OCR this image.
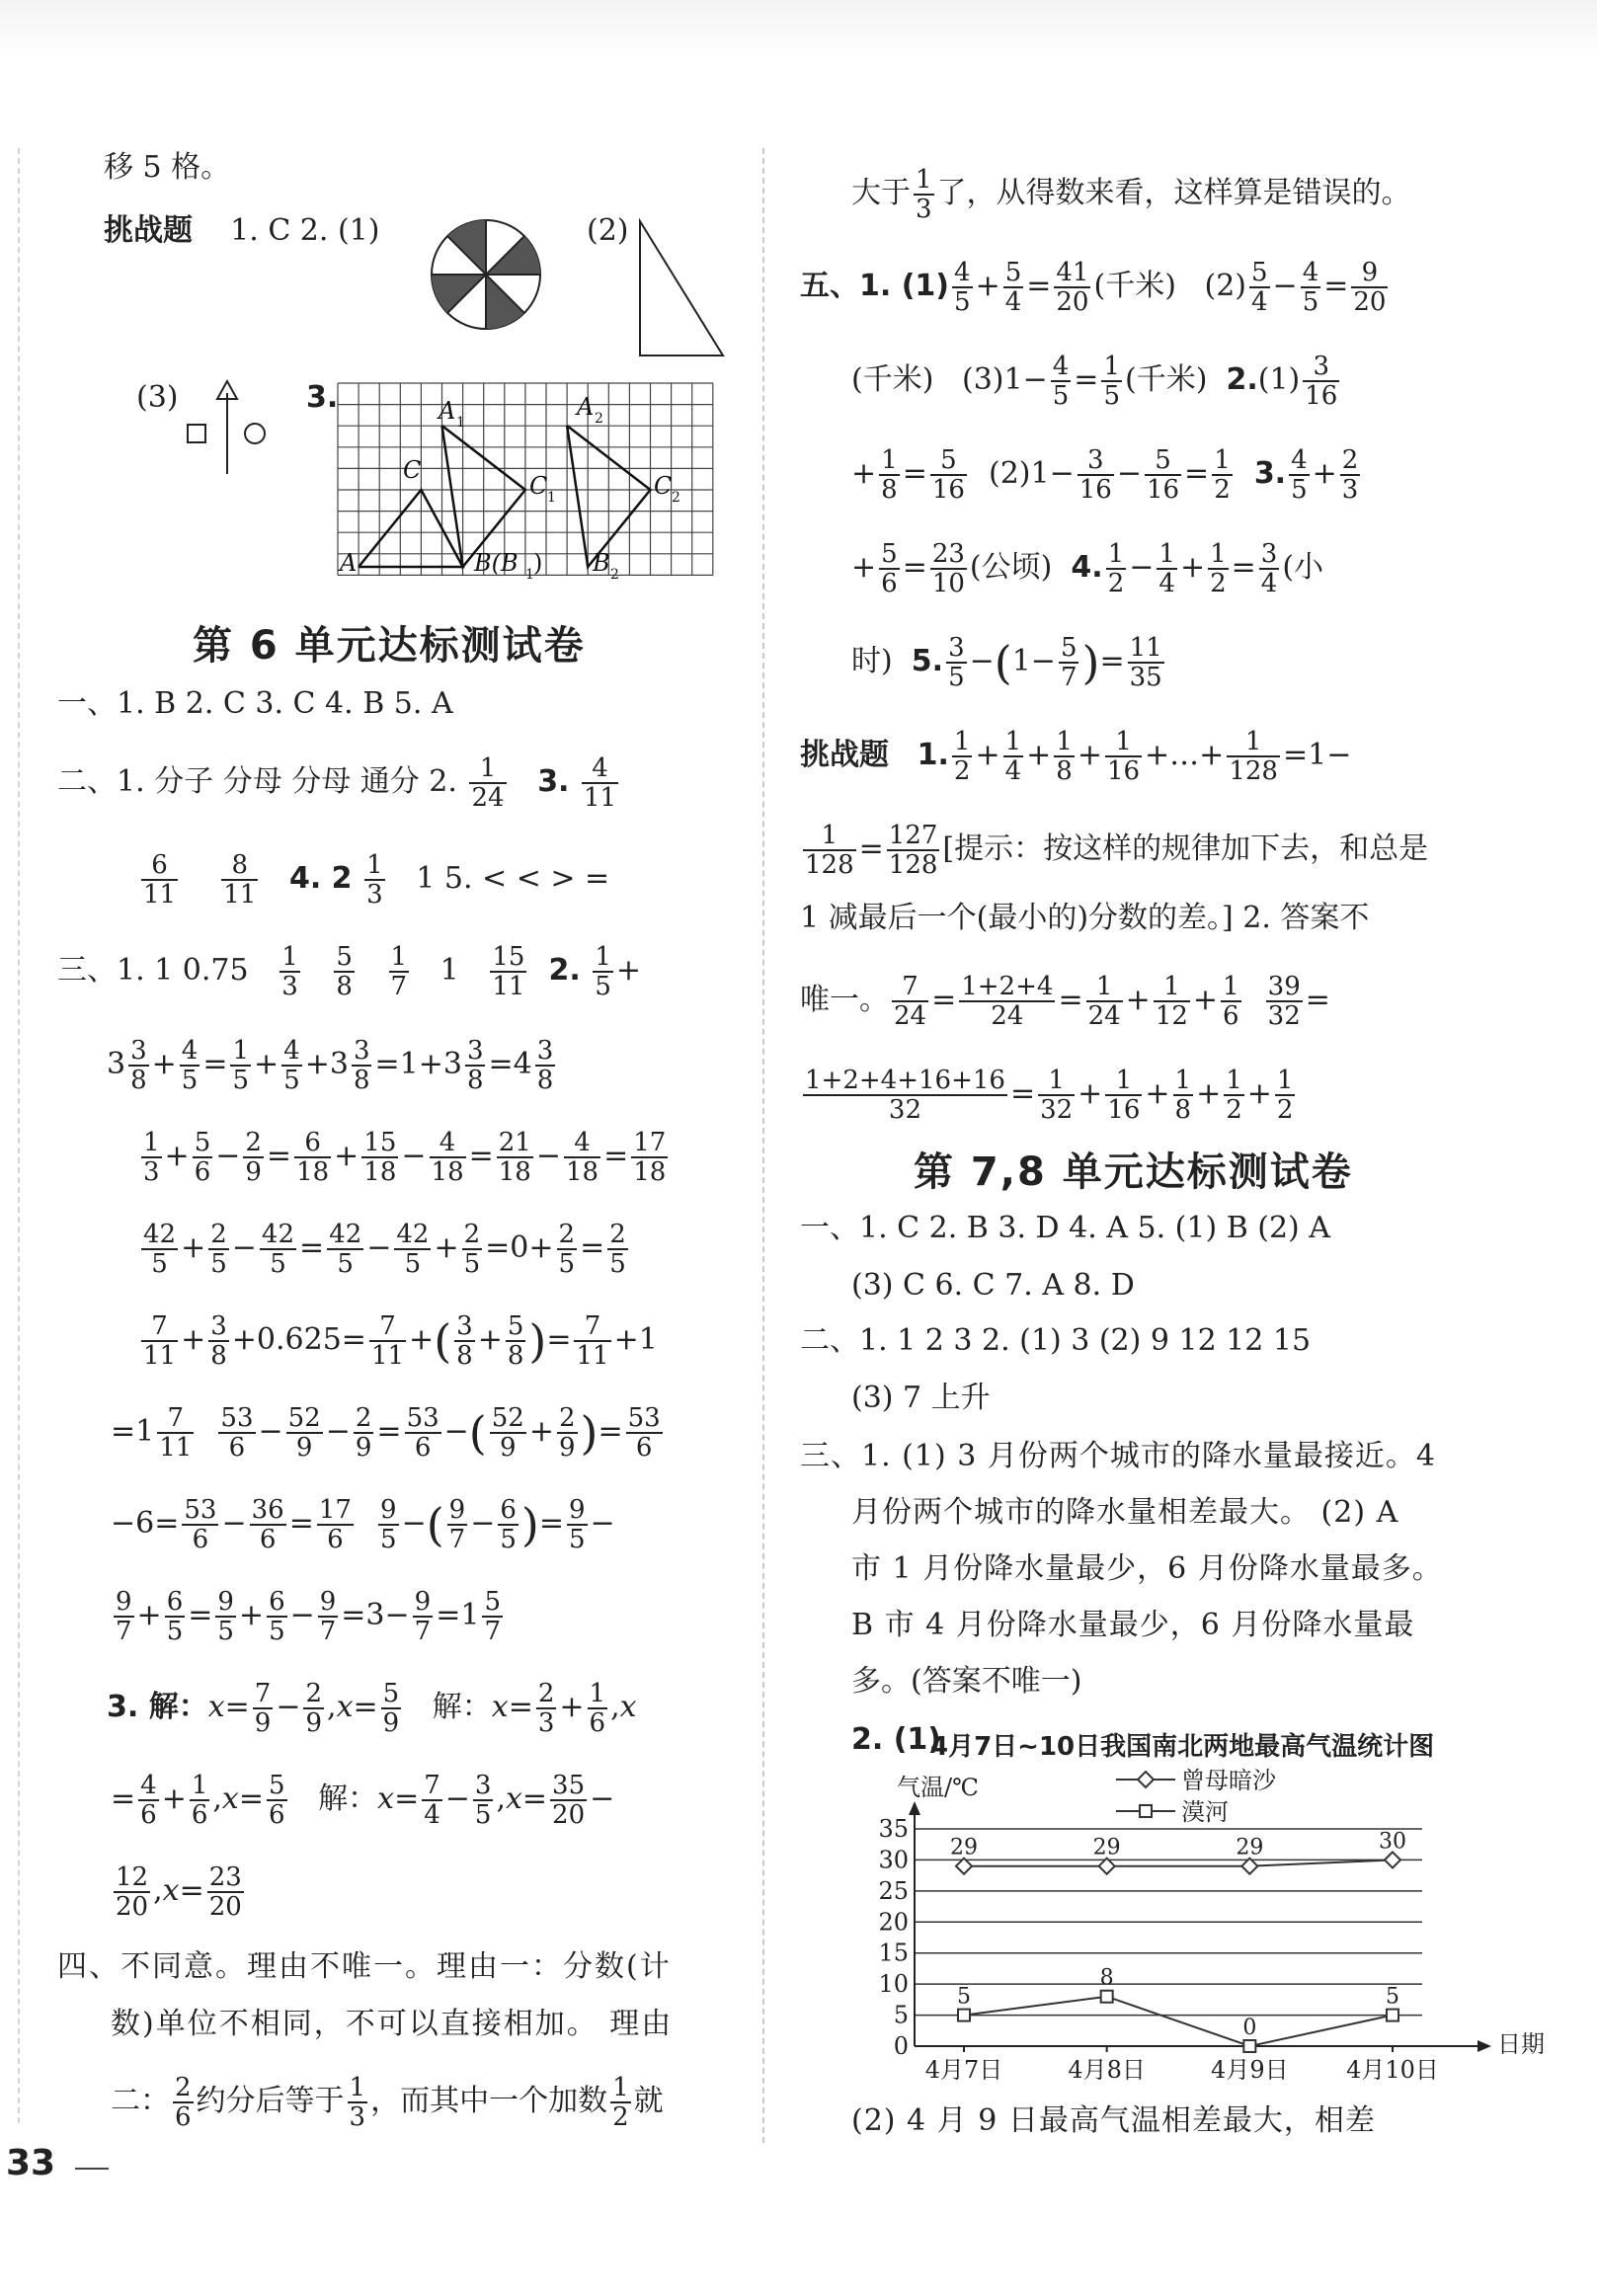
移 5 格。
挑战题 1. C 2. (1)	(2)
(3)	3.
A
C
A 1
C 1
B(B 1 )
A 2
C 2
B 2
第 6 单元达标测试卷
一、1. B 2. C 3. C 4. B 5. A
二、1. 分子 分母 分母 通分 2. $\frac{1}{24} 3$. $\frac{4}{11}$
$\frac{6}{11}$
$\frac{8}{11} 4$. $2 \frac{1}{3} 1$ 5. < < > =
三、1. 1 $0.75 \frac{1}{3}$
$\frac{5}{8}$
$\frac{1}{7} 1 \frac{15}{11} 2$. $\frac{1}{5}$ +
$3 \frac{3}{8} + \frac{4}{5} = \frac{1}{5} + \frac{4}{5} +3 \frac{3}{8} =1+3 \frac{3}{8} =4 \frac{3}{8}$
$\frac{1}{3} + \frac{5}{6} - \frac{2}{9} = \frac{6}{18} + \frac{15}{18} - \frac{4}{18} = \frac{21}{18} - \frac{4}{18} = \frac{17}{18}$
$\frac{42}{5} + \frac{2}{5} - \frac{42}{5} = \frac{42}{5} - \frac{42}{5} + \frac{2}{5} =0+ \frac{2}{5} = \frac{2}{5}$
$\frac{7}{11} + \frac{3}{8} +0.625= \frac{7}{11}$ +( $\frac{3}{8} + \frac{5}{8}$ )= $\frac{7}{11} +1$
$=1 \frac{7}{11}$
$\frac{53}{6} - \frac{52}{9} - \frac{2}{9} = \frac{53}{6}$ −( $\frac{52}{9} + \frac{2}{9}$ )= $\frac{53}{6}$
$-6= \frac{53}{6} - \frac{36}{6} = \frac{17}{6}$
$\frac{9}{5}$ −( $\frac{9}{7} - \frac{6}{5}$ )= $\frac{9}{5}$ −
$\frac{9}{7} + \frac{6}{5} = \frac{9}{5} + \frac{6}{5} - \frac{9}{7} =3- \frac{9}{7} =1 \frac{5}{7}$
3. 解：$x= \frac{7}{9} - \frac{2}{9} ,x= \frac{5}{9}$ 解：$x= \frac{2}{3} + \frac{1}{6} ,x$
= $\frac{4}{6} + \frac{1}{6} ,x= \frac{5}{6}$ 解：$x= \frac{7}{4} - \frac{3}{5} ,x= \frac{35}{20}$ −
$\frac{12}{20} ,x= \frac{23}{20}$
四、不同意。理由不唯一。理由一：分数(计
数)单位不相同，不可以直接相加。 理由
二： $\frac{2}{6}$ 约分后等于 $\frac{1}{3}$ ，而其中一个加数 $\frac{1}{2}$ 就
大于 $\frac{1}{3}$ 了，从得数来看，这样算是错误的。
五、1. $(1) \frac{4}{5} + \frac{5}{4} = \frac{41}{20}$ (千米)   $(2) \frac{5}{4} - \frac{4}{5} = \frac{9}{20}$
(千米)   $(3)1- \frac{4}{5} = \frac{1}{5}$ (千米)  $2.(1) \frac{3}{16}$
+ $\frac{1}{8} = \frac{5}{16} (2)1- \frac{3}{16} - \frac{5}{16} = \frac{1}{2} 3$. $\frac{4}{5} + \frac{2}{3}$
+ $\frac{5}{6} = \frac{23}{10}$ (公顷) 4. $\frac{1}{2} - \frac{1}{4} + \frac{1}{2} = \frac{3}{4}$ (小
时)  5. $\frac{3}{5} -(1- \frac{5}{7}$ )= $\frac{11}{35}$
挑战题 1. $\frac{1}{2} + \frac{1}{4} + \frac{1}{8} + \frac{1}{16}$ +…+ $\frac{1}{128} =1-$
$\frac{1}{128} = \frac{127}{128}$ [提示：按这样的规律加下去，和总是
1 减最后一个(最小的)分数的差。] 2. 答案不
唯一。 $\frac{7}{24} = \frac{1+2+4}{24} = \frac{1}{24} + \frac{1}{12} + \frac{1}{6}$
$\frac{39}{32}$ =
$\frac{1+2+4+16+16}{32} = \frac{1}{32} + \frac{1}{16} + \frac{1}{8} + \frac{1}{2} + \frac{1}{2}$
第 7,8 单元达标测试卷
一、1. C 2. B 3. D 4. A 5. (1) B (2) A
(3) C 6. C 7. A 8. D
二、1. 1 2 3 2. (1) 3 (2) 9 12 12 15
(3) 7 上升
三、1. (1) 3 月份两个城市的降水量最接近。4
月份两个城市的降水量相差最大。 (2) A
市 1 月份降水量最少，6 月份降水量最多。
B 市 4 月份降水量最少，6 月份降水量最
多。(答案不唯一)
2. (1)
4月7日~10日我国南北两地最高气温统计图
气温/℃
日期
曾母暗沙
漠河
0
5
10
15
20
25
30
35
4月7日	4月8日	4月9日 4月10日
29	29	29	30
5
8
0
5
(2) 4 月 9 日最高气温相差最大，相差
33
